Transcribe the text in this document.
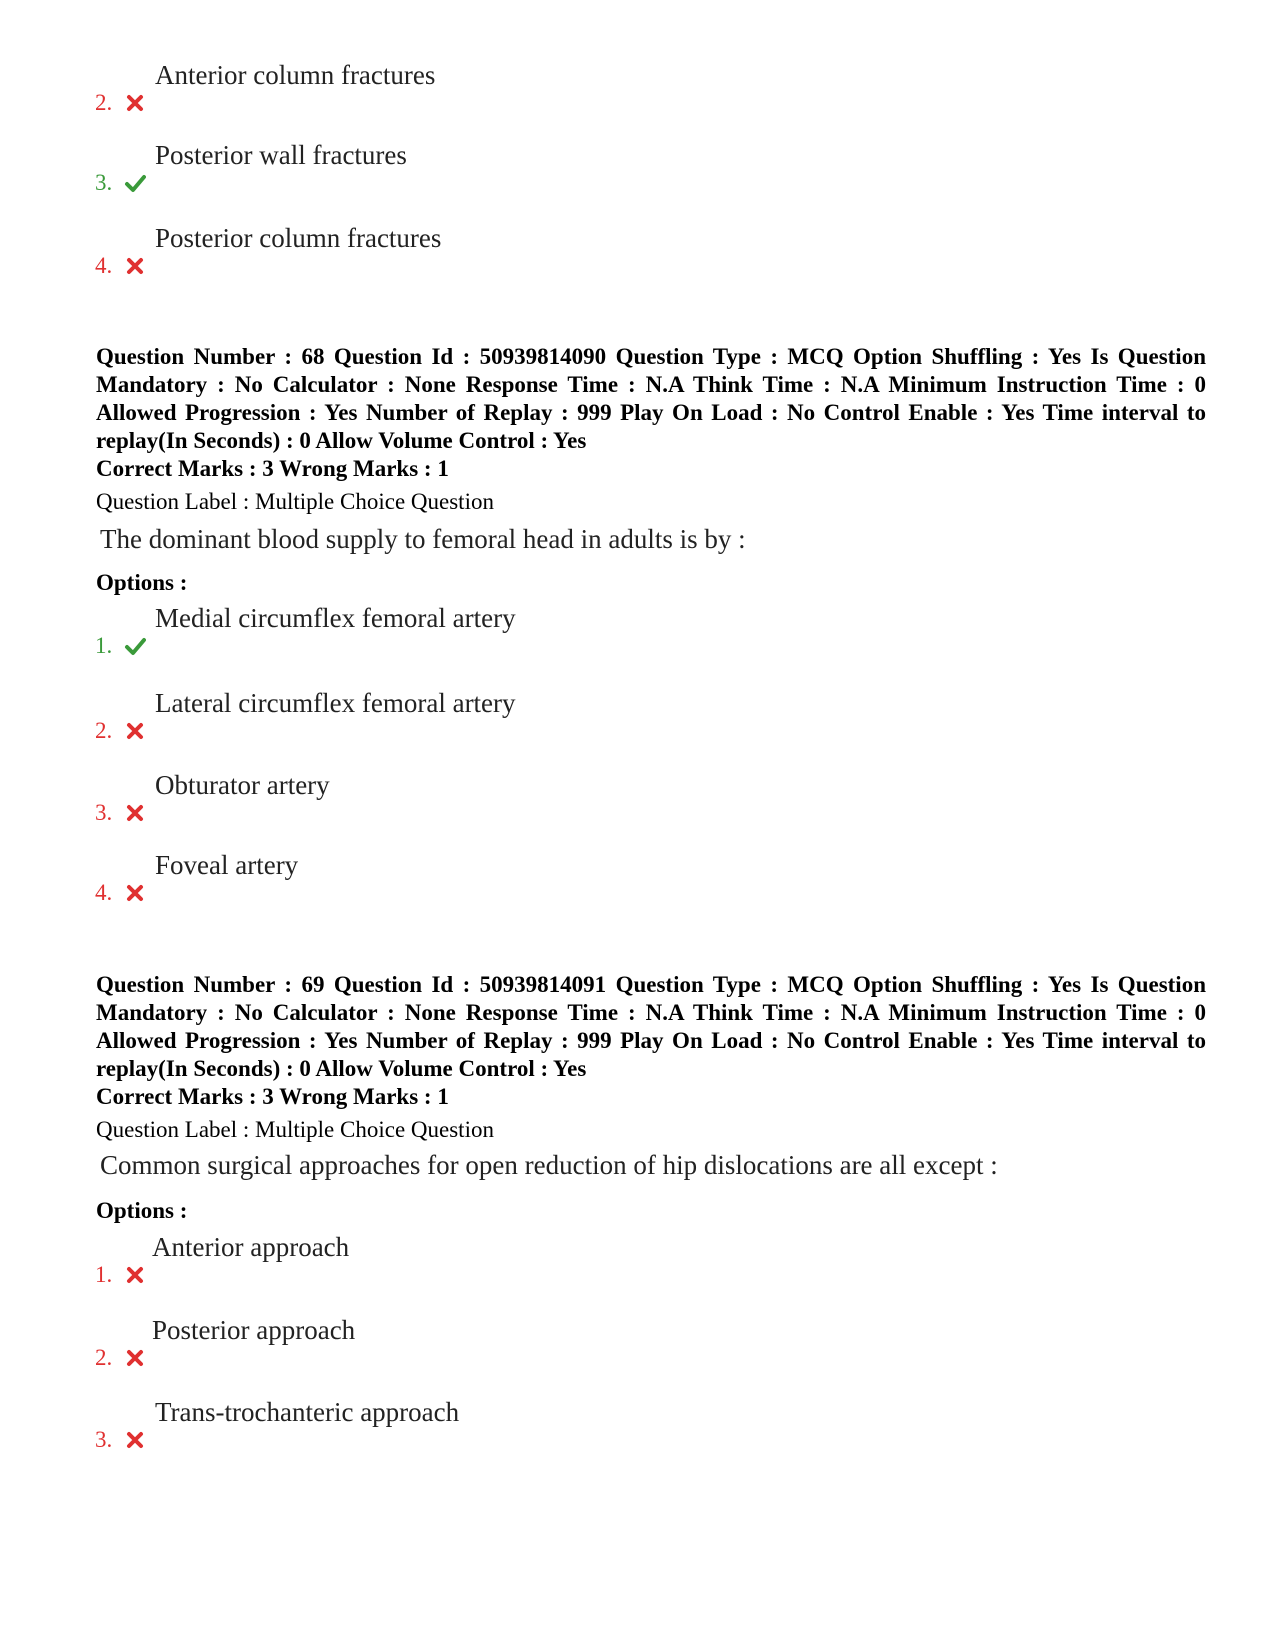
2.
Anterior column fractures
3.
Posterior wall fractures
4.
Posterior column fractures
Question Number : 68 Question Id : 50939814090 Question Type : MCQ Option Shuffling : Yes Is Question Mandatory : No Calculator : None Response Time : N.A Think Time : N.A Minimum Instruction Time : 0 Allowed Progression : Yes Number of Replay : 999 Play On Load : No Control Enable : Yes Time interval to replay(In Seconds) : 0 Allow Volume Control : Yes
Correct Marks : 3 Wrong Marks : 1
Question Label : Multiple Choice Question
The dominant blood supply to femoral head in adults is by :
Options :
1.
Medial circumflex femoral artery
2.
Lateral circumflex femoral artery
3.
Obturator artery
4.
Foveal artery
Question Number : 69 Question Id : 50939814091 Question Type : MCQ Option Shuffling : Yes Is Question Mandatory : No Calculator : None Response Time : N.A Think Time : N.A Minimum Instruction Time : 0 Allowed Progression : Yes Number of Replay : 999 Play On Load : No Control Enable : Yes Time interval to replay(In Seconds) : 0 Allow Volume Control : Yes
Correct Marks : 3 Wrong Marks : 1
Question Label : Multiple Choice Question
Common surgical approaches for open reduction of hip dislocations are all except :
Options :
1.
Anterior approach
2.
Posterior approach
3.
Trans-trochanteric approach
